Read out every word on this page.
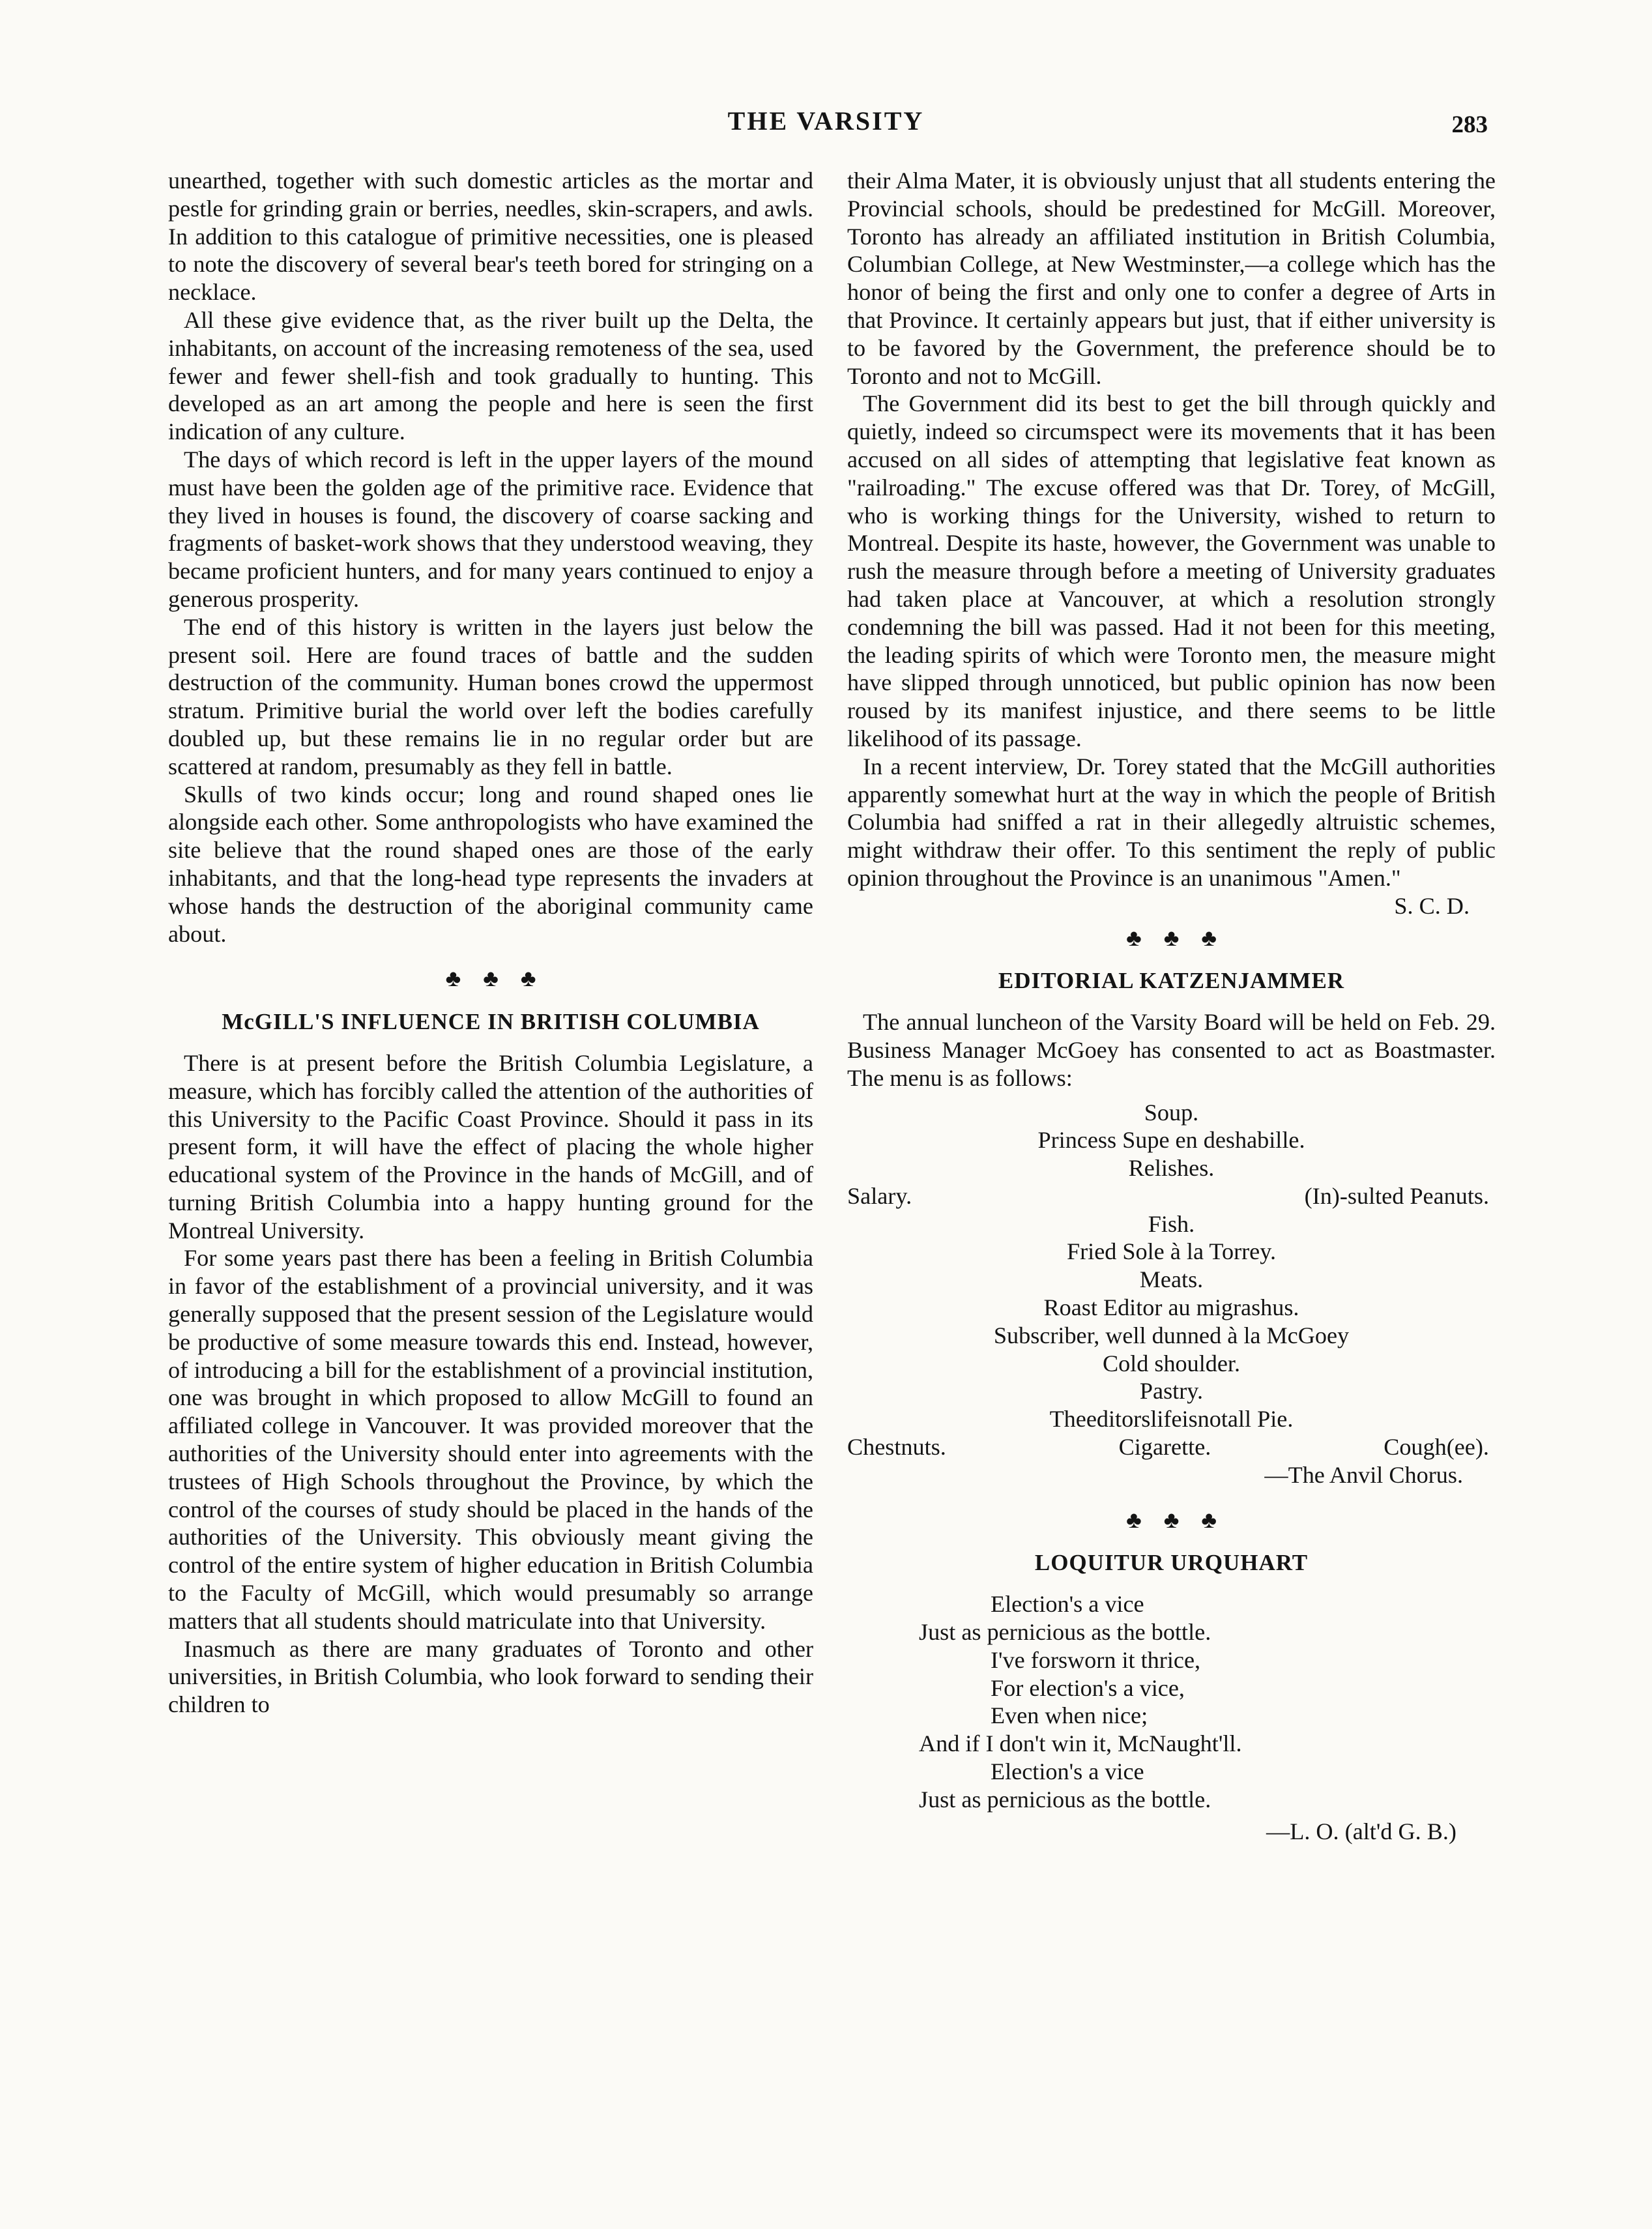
THE VARSITY	283

unearthed, together with such domestic articles as the mortar and pestle for grinding grain or berries, needles, skin-scrapers, and awls. In addition to this catalogue of primitive necessities, one is pleased to note the discovery of several bear's teeth bored for stringing on a necklace.

All these give evidence that, as the river built up the Delta, the inhabitants, on account of the increasing remoteness of the sea, used fewer and fewer shell-fish and took gradually to hunting. This developed as an art among the people and here is seen the first indication of any culture.

The days of which record is left in the upper layers of the mound must have been the golden age of the primitive race. Evidence that they lived in houses is found, the discovery of coarse sacking and fragments of basket-work shows that they understood weaving, they became proficient hunters, and for many years continued to enjoy a generous prosperity.

The end of this history is written in the layers just below the present soil. Here are found traces of battle and the sudden destruction of the community. Human bones crowd the uppermost stratum. Primitive burial the world over left the bodies carefully doubled up, but these remains lie in no regular order but are scattered at random, presumably as they fell in battle.

Skulls of two kinds occur; long and round shaped ones lie alongside each other. Some anthropologists who have examined the site believe that the round shaped ones are those of the early inhabitants, and that the long-head type represents the invaders at whose hands the destruction of the aboriginal community came about.

♣♣♣
McGILL'S INFLUENCE IN BRITISH COLUMBIA

There is at present before the British Columbia Legislature, a measure, which has forcibly called the attention of the authorities of this University to the Pacific Coast Province. Should it pass in its present form, it will have the effect of placing the whole higher educational system of the Province in the hands of McGill, and of turning British Columbia into a happy hunting ground for the Montreal University.

For some years past there has been a feeling in British Columbia in favor of the establishment of a provincial university, and it was generally supposed that the present session of the Legislature would be productive of some measure towards this end. Instead, however, of introducing a bill for the establishment of a provincial institution, one was brought in which proposed to allow McGill to found an affiliated college in Vancouver. It was provided moreover that the authorities of the University should enter into agreements with the trustees of High Schools throughout the Province, by which the control of the courses of study should be placed in the hands of the authorities of the University. This obviously meant giving the control of the entire system of higher education in British Columbia to the Faculty of McGill, which would presumably so arrange matters that all students should matriculate into that University.

Inasmuch as there are many graduates of Toronto and other universities, in British Columbia, who look forward to sending their children to

their Alma Mater, it is obviously unjust that all students entering the Provincial schools, should be predestined for McGill. Moreover, Toronto has already an affiliated institution in British Columbia, Columbian College, at New Westminster,—a college which has the honor of being the first and only one to confer a degree of Arts in that Province. It certainly appears but just, that if either university is to be favored by the Government, the preference should be to Toronto and not to McGill.

The Government did its best to get the bill through quickly and quietly, indeed so circumspect were its movements that it has been accused on all sides of attempting that legislative feat known as "railroading." The excuse offered was that Dr. Torey, of McGill, who is working things for the University, wished to return to Montreal. Despite its haste, however, the Government was unable to rush the measure through before a meeting of University graduates had taken place at Vancouver, at which a resolution strongly condemning the bill was passed. Had it not been for this meeting, the leading spirits of which were Toronto men, the measure might have slipped through unnoticed, but public opinion has now been roused by its manifest injustice, and there seems to be little likelihood of its passage.

In a recent interview, Dr. Torey stated that the McGill authorities apparently somewhat hurt at the way in which the people of British Columbia had sniffed a rat in their allegedly altruistic schemes, might withdraw their offer. To this sentiment the reply of public opinion throughout the Province is an unanimous "Amen."

S. C. D.

♣♣♣
EDITORIAL KATZENJAMMER

The annual luncheon of the Varsity Board will be held on Feb. 29. Business Manager McGoey has consented to act as Boastmaster. The menu is as follows:

Soup.

Princess Supe en deshabille.

Relishes.

Salary.	(In)-sulted Peanuts.

Fish.

Fried Sole à la Torrey.

Meats.

Roast Editor au migrashus.

Subscriber, well dunned à la McGoey

Cold shoulder.

Pastry.

Theeditorslifeisnotall Pie.

Chestnuts.	Cigarette.	Cough(ee).

—The Anvil Chorus.

♣♣♣
LOQUITUR URQUHART

Election's a vice

Just as pernicious as the bottle.

I've forsworn it thrice,

For election's a vice,

Even when nice;

And if I don't win it, McNaught'll.

Election's a vice

Just as pernicious as the bottle.

—L. O. (alt'd G. B.)
